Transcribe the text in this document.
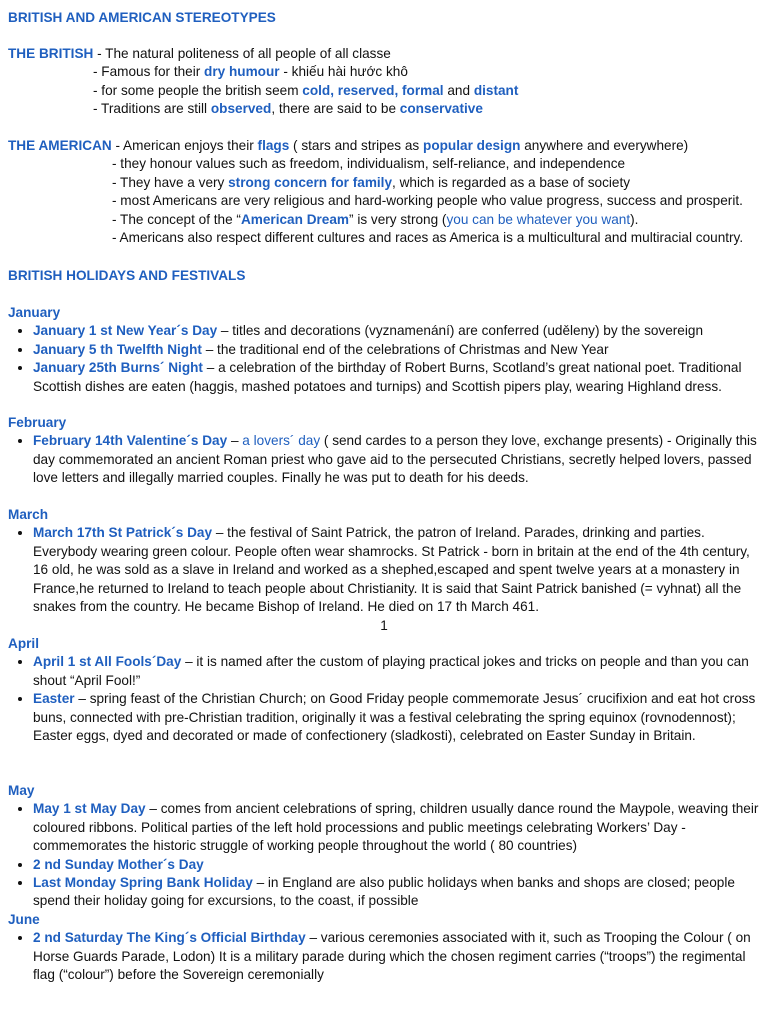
BRITISH AND AMERICAN STEREOTYPES
THE BRITISH - The natural politeness of all people of all classe
- Famous for their dry humour - khiếu hài hước khô
- for some people the british seem cold, reserved, formal and distant
- Traditions are still observed, there are said to be conservative
THE AMERICAN - American enjoys their flags ( stars and stripes as popular design anywhere and everywhere)
- they honour values such as freedom, individualism, self-reliance, and independence
- They have a very strong concern for family, which is regarded as a base of society
- most Americans are very religious and hard-working people who value progress, success and prosperit.
- The concept of the “American Dream” is very strong (you can be whatever you want).
- Americans also respect different cultures and races as America is a multicultural and multiracial country.
BRITISH HOLIDAYS AND FESTIVALS
January
• January 1 st New Year´s Day – titles and decorations (vyznamenání) are conferred (uděleny) by the sovereign
• January 5 th Twelfth Night – the traditional end of the celebrations of Christmas and New Year
• January 25th Burns´ Night – a celebration of the birthday of Robert Burns, Scotland’s great national poet. Traditional Scottish dishes are eaten (haggis, mashed potatoes and turnips) and Scottish pipers play, wearing Highland dress.
February
• February 14th Valentine´s Day – a lovers´ day ( send cardes to a person they love, exchange presents) - Originally this day commemorated an ancient Roman priest who gave aid to the persecuted Christians, secretly helped lovers, passed love letters and illegally married couples. Finally he was put to death for his deeds.
March
• March 17th St Patrick´s Day – the festival of Saint Patrick, the patron of Ireland. Parades, drinking and parties. Everybody wearing green colour. People often wear shamrocks. St Patrick - born in britain at the end of the 4th century, 16 old, he was sold as a slave in Ireland and worked as a shephed,escaped and spent twelve years at a monastery in France,he returned to Ireland to teach people about Christianity. It is said that Saint Patrick banished (= vyhnat) all the snakes from the country. He became Bishop of Ireland. He died on 17 th March 461.
1
April
• April 1 st All Fools´Day – it is named after the custom of playing practical jokes and tricks on people and than you can shout “April Fool!”
• Easter – spring feast of the Christian Church; on Good Friday people commemorate Jesus´ crucifixion and eat hot cross buns, connected with pre-Christian tradition, originally it was a festival celebrating the spring equinox (rovnodennost); Easter eggs, dyed and decorated or made of confectionery (sladkosti), celebrated on Easter Sunday in Britain.
May
• May 1 st May Day – comes from ancient celebrations of spring, children usually dance round the Maypole, weaving their coloured ribbons. Political parties of the left hold processions and public meetings celebrating Workers’ Day - commemorates the historic struggle of working people throughout the world ( 80 countries)
• 2 nd Sunday Mother´s Day
• Last Monday Spring Bank Holiday – in England are also public holidays when banks and shops are closed; people spend their holiday going for excursions, to the coast, if possible
June
• 2 nd Saturday The King´s Official Birthday – various ceremonies associated with it, such as Trooping the Colour ( on Horse Guards Parade, Lodon) It is a military parade during which the chosen regiment carries (“troops”) the regimental flag (“colour”) before the Sovereign ceremonially
